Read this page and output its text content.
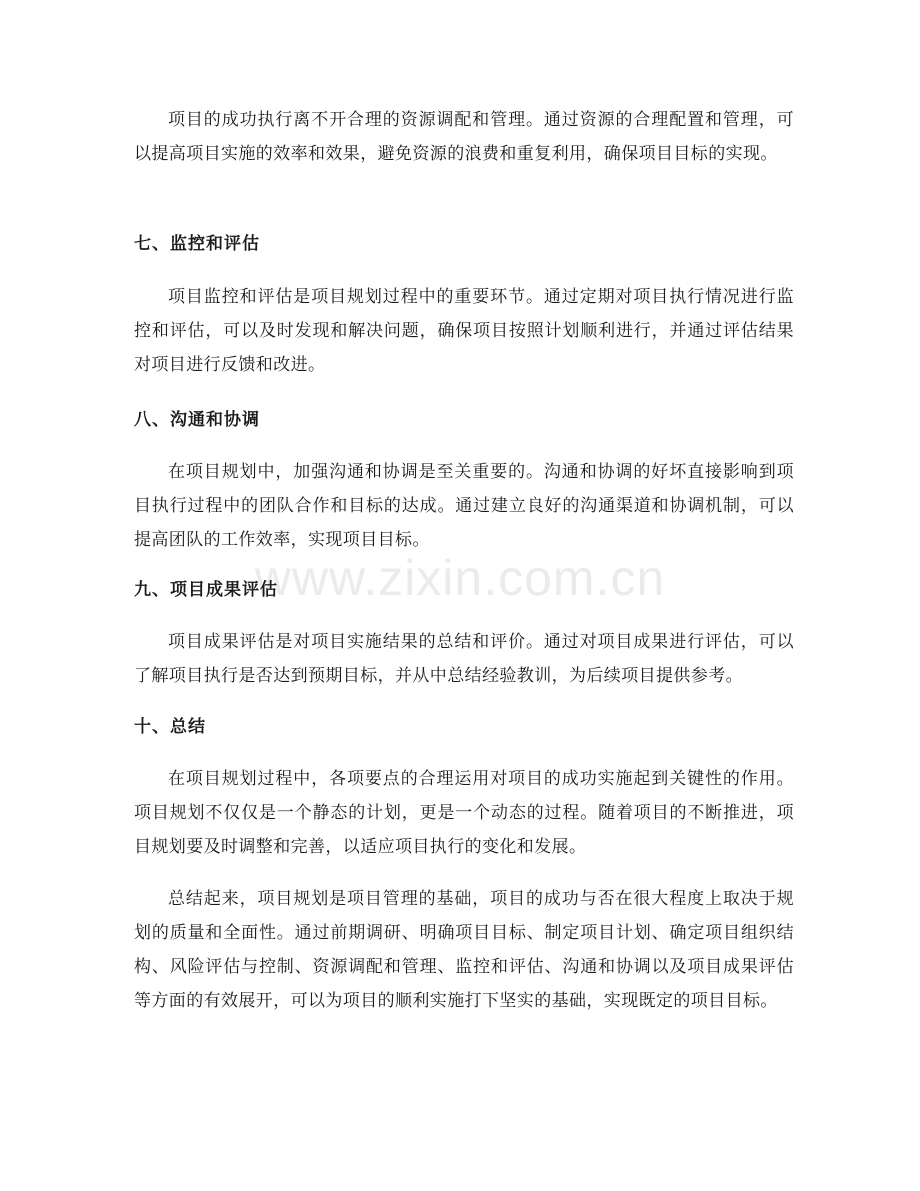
www.zixin.com.cn

项目的成功执行离不开合理的资源调配和管理。通过资源的合理配置和管理，可以提高项目实施的效率和效果，避免资源的浪费和重复利用，确保项目目标的实现。

七、监控和评估

项目监控和评估是项目规划过程中的重要环节。通过定期对项目执行情况进行监控和评估，可以及时发现和解决问题，确保项目按照计划顺利进行，并通过评估结果对项目进行反馈和改进。

八、沟通和协调

在项目规划中，加强沟通和协调是至关重要的。沟通和协调的好坏直接影响到项目执行过程中的团队合作和目标的达成。通过建立良好的沟通渠道和协调机制，可以提高团队的工作效率，实现项目目标。

九、项目成果评估

项目成果评估是对项目实施结果的总结和评价。通过对项目成果进行评估，可以了解项目执行是否达到预期目标，并从中总结经验教训，为后续项目提供参考。

十、总结

在项目规划过程中，各项要点的合理运用对项目的成功实施起到关键性的作用。项目规划不仅仅是一个静态的计划，更是一个动态的过程。随着项目的不断推进，项目规划要及时调整和完善，以适应项目执行的变化和发展。

总结起来，项目规划是项目管理的基础，项目的成功与否在很大程度上取决于规划的质量和全面性。通过前期调研、明确项目目标、制定项目计划、确定项目组织结构、风险评估与控制、资源调配和管理、监控和评估、沟通和协调以及项目成果评估等方面的有效展开，可以为项目的顺利实施打下坚实的基础，实现既定的项目目标。
